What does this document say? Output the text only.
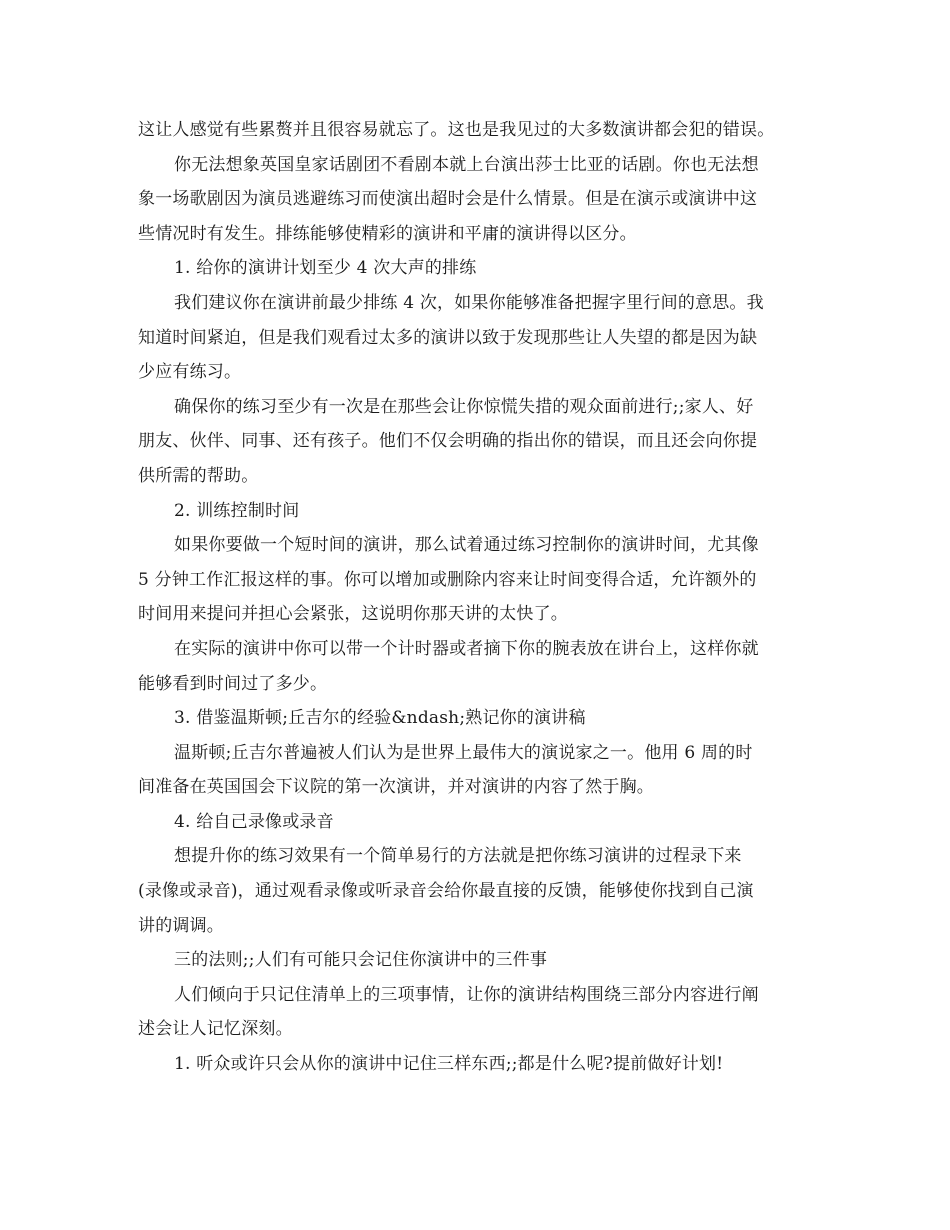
这让人感觉有些累赘并且很容易就忘了。这也是我见过的大多数演讲都会犯的错误。
你无法想象英国皇家话剧团不看剧本就上台演出莎士比亚的话剧。你也无法想
象一场歌剧因为演员逃避练习而使演出超时会是什么情景。但是在演示或演讲中这
些情况时有发生。排练能够使精彩的演讲和平庸的演讲得以区分。
1. 给你的演讲计划至少 4 次大声的排练
我们建议你在演讲前最少排练 4 次，如果你能够准备把握字里行间的意思。我
知道时间紧迫，但是我们观看过太多的演讲以致于发现那些让人失望的都是因为缺
少应有练习。
确保你的练习至少有一次是在那些会让你惊慌失措的观众面前进行;;家人、好
朋友、伙伴、同事、还有孩子。他们不仅会明确的指出你的错误，而且还会向你提
供所需的帮助。
2. 训练控制时间
如果你要做一个短时间的演讲，那么试着通过练习控制你的演讲时间，尤其像
5 分钟工作汇报这样的事。你可以增加或删除内容来让时间变得合适，允许额外的
时间用来提问并担心会紧张，这说明你那天讲的太快了。
在实际的演讲中你可以带一个计时器或者摘下你的腕表放在讲台上，这样你就
能够看到时间过了多少。
3. 借鉴温斯顿;丘吉尔的经验&ndash;熟记你的演讲稿
温斯顿;丘吉尔普遍被人们认为是世界上最伟大的演说家之一。他用 6 周的时
间准备在英国国会下议院的第一次演讲，并对演讲的内容了然于胸。
4. 给自己录像或录音
想提升你的练习效果有一个简单易行的方法就是把你练习演讲的过程录下来
(录像或录音)，通过观看录像或听录音会给你最直接的反馈，能够使你找到自己演
讲的调调。
三的法则;;人们有可能只会记住你演讲中的三件事
人们倾向于只记住清单上的三项事情，让你的演讲结构围绕三部分内容进行阐
述会让人记忆深刻。
1. 听众或许只会从你的演讲中记住三样东西;;都是什么呢?提前做好计划!
